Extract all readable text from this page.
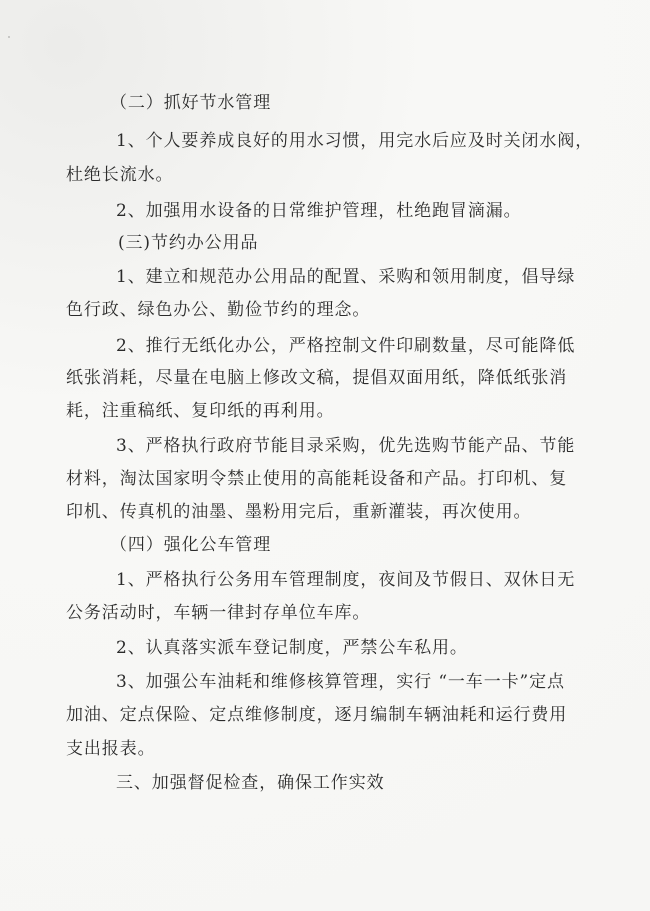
（二）抓好节水管理
1、个人要养成良好的用水习惯，用完水后应及时关闭水阀，
杜绝长流水。
2、加强用水设备的日常维护管理，杜绝跑冒滴漏。
(三)节约办公用品
1、建立和规范办公用品的配置、采购和领用制度，倡导绿
色行政、绿色办公、勤俭节约的理念。
2、推行无纸化办公，严格控制文件印刷数量，尽可能降低
纸张消耗，尽量在电脑上修改文稿，提倡双面用纸，降低纸张消
耗，注重稿纸、复印纸的再利用。
3、严格执行政府节能目录采购，优先选购节能产品、节能
材料，淘汰国家明令禁止使用的高能耗设备和产品。打印机、复
印机、传真机的油墨、墨粉用完后，重新灌装，再次使用。
（四）强化公车管理
1、严格执行公务用车管理制度，夜间及节假日、双休日无
公务活动时，车辆一律封存单位车库。
2、认真落实派车登记制度，严禁公车私用。
3、加强公车油耗和维修核算管理，实行 “一车一卡”定点
加油、定点保险、定点维修制度，逐月编制车辆油耗和运行费用
支出报表。
三、加强督促检查，确保工作实效
